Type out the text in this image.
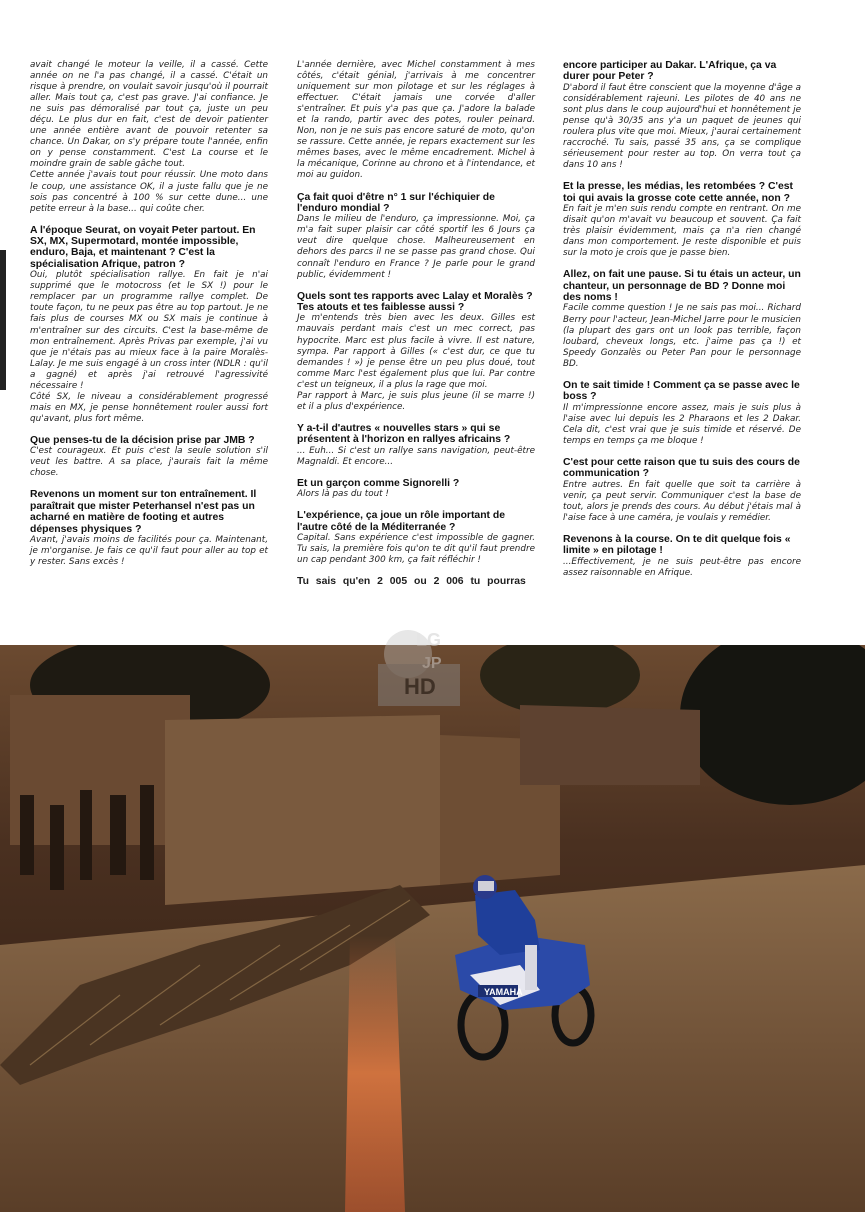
avait changé le moteur la veille, il a cassé. Cette année on ne l'a pas changé, il a cassé. C'était un risque à prendre, on voulait savoir jusqu'où il pourrait aller. Mais tout ça, c'est pas grave. J'ai confiance. Je ne suis pas démoralisé par tout ça, juste un peu déçu. Le plus dur en fait, c'est de devoir patienter une année entière avant de pouvoir retenter sa chance. Un Dakar, on s'y prépare toute l'année, enfin on y pense constamment. C'est La course et le moindre grain de sable gâche tout.

Cette année j'avais tout pour réussir. Une moto dans le coup, une assistance OK, il a juste fallu que je ne sois pas concentré à 100 % sur cette dune... une petite erreur à la base... qui coûte cher.

A l'époque Seurat, on voyait Peter partout. En SX, MX, Supermotard, montée impossible, enduro, Baja, et maintenant ? C'est la spécialisation Afrique, patron ?

Oui, plutôt spécialisation rallye. En fait je n'ai supprimé que le motocross (et le SX !) pour le remplacer par un programme rallye complet. De toute façon, tu ne peux pas être au top partout. Je ne fais plus de courses MX ou SX mais je continue à m'entraîner sur des circuits. C'est la base-même de mon entraînement. Après Privas par exemple, j'ai vu que je n'étais pas au mieux face à la paire Moralès-Lalay. Je me suis engagé à un cross inter (NDLR : qu'il a gagné) et après j'ai retrouvé l'agressivité nécessaire !

Côté SX, le niveau a considérablement progressé mais en MX, je pense honnêtement rouler aussi fort qu'avant, plus fort même.

Que penses-tu de la décision prise par JMB ?

C'est courageux. Et puis c'est la seule solution s'il veut les battre. A sa place, j'aurais fait la même chose.

Revenons un moment sur ton entraînement. Il paraîtrait que mister Peterhansel n'est pas un acharné en matière de footing et autres dépenses physiques ?

Avant, j'avais moins de facilités pour ça. Maintenant, je m'organise. Je fais ce qu'il faut pour aller au top et y rester. Sans excès !

L'année dernière, avec Michel constamment à mes côtés, c'était génial, j'arrivais à me concentrer uniquement sur mon pilotage et sur les réglages à effectuer. C'était jamais une corvée d'aller s'entraîner. Et puis y'a pas que ça. J'adore la balade et la rando, partir avec des potes, rouler peinard. Non, non je ne suis pas encore saturé de moto, qu'on se rassure. Cette année, je repars exactement sur les mêmes bases, avec le même encadrement. Michel à la mécanique, Corinne au chrono et à l'intendance, et moi au guidon.

Ça fait quoi d'être n° 1 sur l'échiquier de l'enduro mondial ?

Dans le milieu de l'enduro, ça impressionne. Moi, ça m'a fait super plaisir car côté sportif les 6 Jours ça veut dire quelque chose. Malheureusement en dehors des parcs il ne se passe pas grand chose. Qui connaît l'enduro en France ? Je parle pour le grand public, évidemment !

Quels sont tes rapports avec Lalay et Moralès ? Tes atouts et tes faiblesse aussi ?

Je m'entends très bien avec les deux. Gilles est mauvais perdant mais c'est un mec correct, pas hypocrite. Marc est plus facile à vivre. Il est nature, sympa. Par rapport à Gilles (« c'est dur, ce que tu demandes ! ») je pense être un peu plus doué, tout comme Marc l'est également plus que lui. Par contre c'est un teigneux, il a plus la rage que moi.

Par rapport à Marc, je suis plus jeune (il se marre !) et il a plus d'expérience.

Y a-t-il d'autres « nouvelles stars » qui se présentent à l'horizon en rallyes africains ?

... Euh... Si c'est un rallye sans navigation, peut-être Magnaldi. Et encore...

Et un garçon comme Signorelli ?

Alors là pas du tout !

L'expérience, ça joue un rôle important de l'autre côté de la Méditerranée ?

Capital. Sans expérience c'est impossible de gagner. Tu sais, la première fois qu'on te dit qu'il faut prendre un cap pendant 300 km, ça fait réfléchir !

Tu sais qu'en 2 005 ou 2 006 tu pourras

encore participer au Dakar. L'Afrique, ça va durer pour Peter ?

D'abord il faut être conscient que la moyenne d'âge a considérablement rajeuni. Les pilotes de 40 ans ne sont plus dans le coup aujourd'hui et honnêtement je pense qu'à 30/35 ans y'a un paquet de jeunes qui roulera plus vite que moi. Mieux, j'aurai certainement raccroché. Tu sais, passé 35 ans, ça se complique sérieusement pour rester au top. On verra tout ça dans 10 ans !

Et la presse, les médias, les retombées ? C'est toi qui avais la grosse cote cette année, non ?

En fait je m'en suis rendu compte en rentrant. On me disait qu'on m'avait vu beaucoup et souvent. Ça fait très plaisir évidemment, mais ça n'a rien changé dans mon comportement. Je reste disponible et puis sur la moto je crois que je passe bien.

Allez, on fait une pause. Si tu étais un acteur, un chanteur, un personnage de BD ? Donne moi des noms !

Facile comme question ! Je ne sais pas moi... Richard Berry pour l'acteur, Jean-Michel Jarre pour le musicien (la plupart des gars ont un look pas terrible, façon loubard, cheveux longs, etc. j'aime pas ça !) et Speedy Gonzalès ou Peter Pan pour le personnage BD.

On te sait timide ! Comment ça se passe avec le boss ?

Il m'impressionne encore assez, mais je suis plus à l'aise avec lui depuis les 2 Pharaons et les 2 Dakar. Cela dit, c'est vrai que je suis timide et réservé. De temps en temps ça me bloque !

C'est pour cette raison que tu suis des cours de communication ?

Entre autres. En fait quelle que soit ta carrière à venir, ça peut servir. Communiquer c'est la base de tout, alors je prends des cours. Au début j'étais mal à l'aise face à une caméra, je voulais y remédier.

Revenons à la course. On te dit quelque fois « limite » en pilotage !

...Effectivement, je ne suis peut-être pas encore assez raisonnable en Afrique.

YAMAHA
LG
JP
HD
